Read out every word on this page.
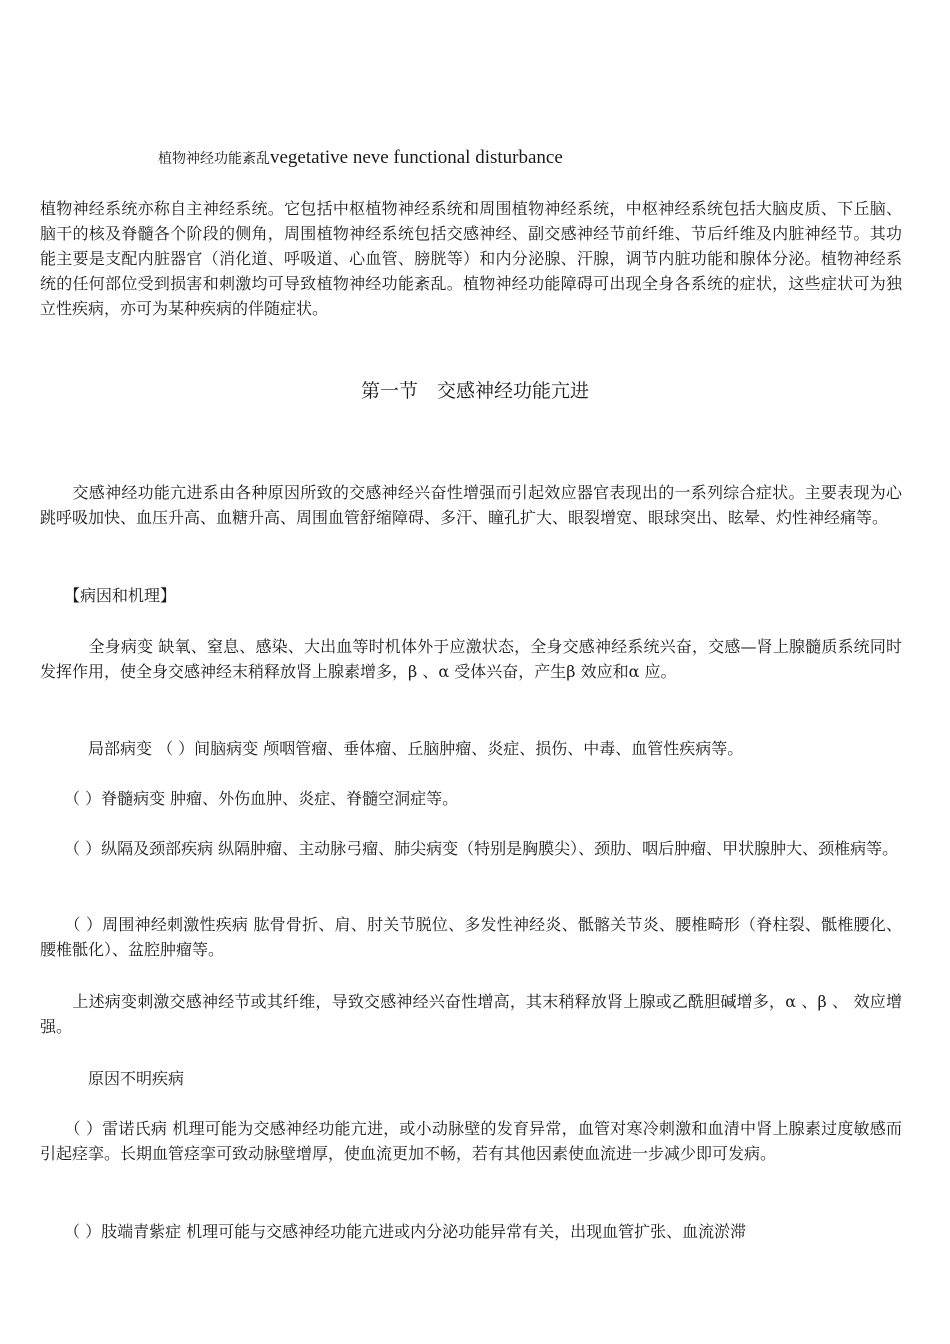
植物神经功能紊乱vegetative neve functional disturbance

植物神经系统亦称自主神经系统。它包括中枢植物神经系统和周围植物神经系统，中枢神经系统包括大脑皮质、下丘脑、脑干的核及脊髓各个阶段的侧角，周围植物神经系统包括交感神经、副交感神经节前纤维、节后纤维及内脏神经节。其功能主要是支配内脏器官（消化道、呼吸道、心血管、膀胱等）和内分泌腺、汗腺，调节内脏功能和腺体分泌。植物神经系统的任何部位受到损害和刺激均可导致植物神经功能紊乱。植物神经功能障碍可出现全身各系统的症状，这些症状可为独立性疾病，亦可为某种疾病的伴随症状。

第一节　交感神经功能亢进

　　交感神经功能亢进系由各种原因所致的交感神经兴奋性增强而引起效应器官表现出的一系列综合症状。主要表现为心跳呼吸加快、血压升高、血糖升高、周围血管舒缩障碍、多汗、瞳孔扩大、眼裂增宽、眼球突出、眩晕、灼性神经痛等。

　　【病因和机理】

　　　全身病变 缺氧、窒息、感染、大出血等时机体外于应激状态，全身交感神经系统兴奋，交感—肾上腺髓质系统同时发挥作用，使全身交感神经末稍释放肾上腺素增多，β 、α 受体兴奋，产生β 效应和α 应。

　　　局部病变 （ ）间脑病变 颅咽管瘤、垂体瘤、丘脑肿瘤、炎症、损伤、中毒、血管性疾病等。

　　（ ）脊髓病变 肿瘤、外伤血肿、炎症、脊髓空洞症等。

　　（ ）纵隔及颈部疾病 纵隔肿瘤、主动脉弓瘤、肺尖病变（特别是胸膜尖）、颈肋、咽后肿瘤、甲状腺肿大、颈椎病等。

　　（ ）周围神经刺激性疾病 肱骨骨折、肩、肘关节脱位、多发性神经炎、骶髂关节炎、腰椎畸形（脊柱裂、骶椎腰化、腰椎骶化）、盆腔肿瘤等。

　　上述病变刺激交感神经节或其纤维，导致交感神经兴奋性增高，其末稍释放肾上腺或乙酰胆碱增多，α 、β 、 效应增强。

　　　原因不明疾病

　　（ ）雷诺氏病 机理可能为交感神经功能亢进，或小动脉壁的发育异常，血管对寒冷刺激和血清中肾上腺素过度敏感而引起痉挛。长期血管痉挛可致动脉壁增厚，使血流更加不畅，若有其他因素使血流进一步减少即可发病。

　　（ ）肢端青紫症 机理可能与交感神经功能亢进或内分泌功能异常有关，出现血管扩张、血流淤滞
